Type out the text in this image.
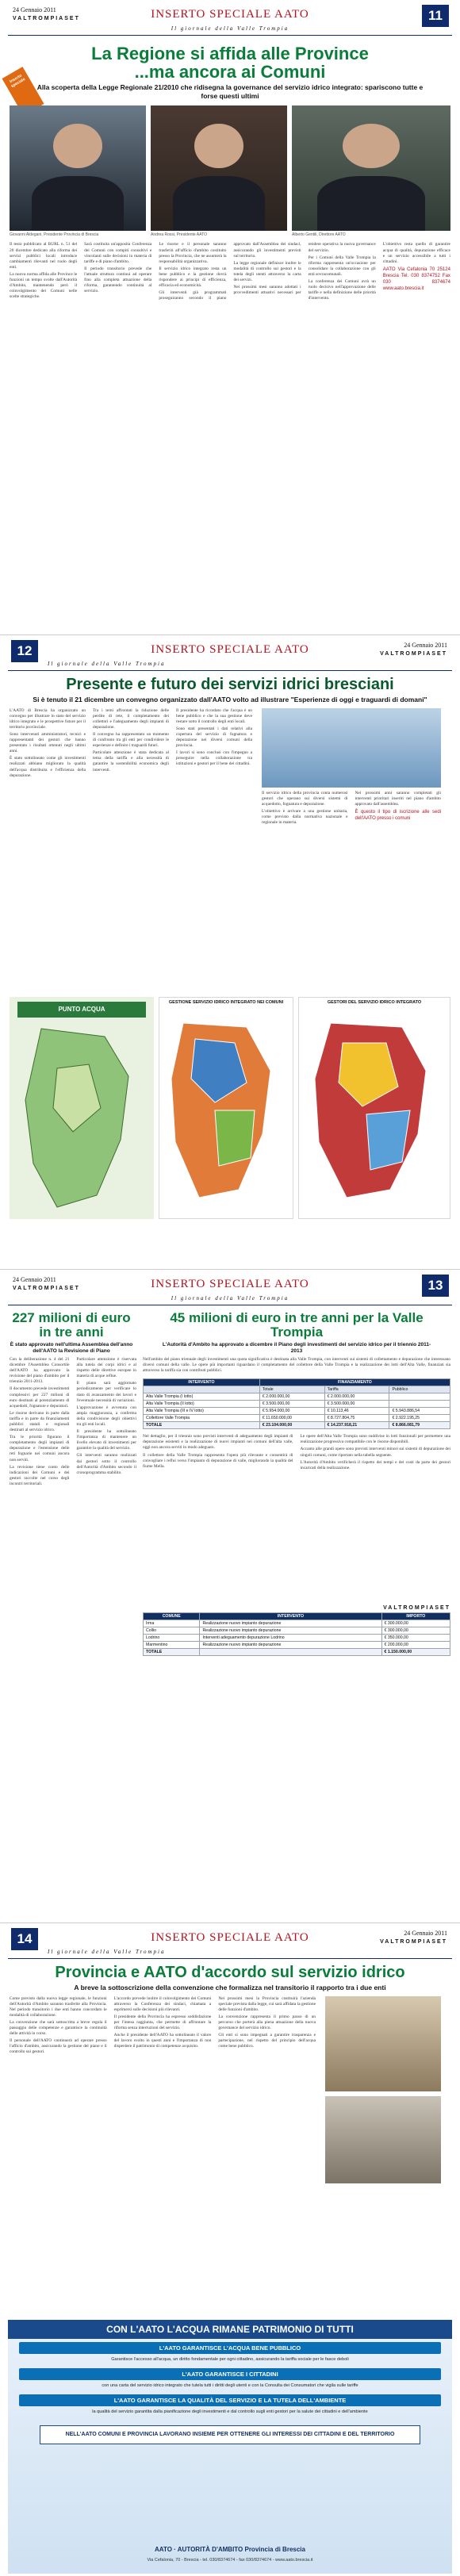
24 Gennaio 2011
VALTROMPIASET	INSERTO SPECIALE AATO
Il giornale della Valle Trompia
11
Inserto speciale
La Regione si affida alle Province
...ma ancora ai Comuni
Alla scoperta della Legge Regionale 21/2010 che ridisegna la governance del servizio idrico integrato: spariscono tutte e forse questi ultimi
Giovanni Aldegani, Presidente Provincia di Brescia	Andrea Rossi, Presidente AATO	Alberto Gentili, Direttore AATO

Il testo pubblicato al BURL n. 51 del 20 dicembre dedicato alla riforma dei servizi pubblici locali introduce cambiamenti rilevanti nel ruolo degli enti.

La nuova norma affida alle Province le funzioni un tempo svolte dall'Autorità d'Ambito, mantenendo però il coinvolgimento dei Comuni nelle scelte strategiche.

Sarà costituita un'apposita Conferenza dei Comuni con compiti consultivi e vincolanti sulle decisioni in materia di tariffe e di piano d'ambito.

Il periodo transitorio prevede che l'attuale struttura continui ad operare fino alla completa attuazione della riforma, garantendo continuità al servizio.

Le risorse e il personale saranno trasferiti all'ufficio d'ambito costituito presso la Provincia, che ne assumerà la responsabilità organizzativa.

Il servizio idrico integrato resta un bene pubblico e la gestione dovrà rispondere ai principi di efficienza, efficacia ed economicità.

Gli interventi già programmati proseguiranno secondo il piano approvato dall'Assemblea dei sindaci, assicurando gli investimenti previsti sul territorio.

La legge regionale definisce inoltre le modalità di controllo sui gestori e la tutela degli utenti attraverso la carta dei servizi.

Nei prossimi mesi saranno adottati i provvedimenti attuativi necessari per rendere operativa la nuova governance del servizio.

Per i Comuni della Valle Trompia la riforma rappresenta un'occasione per consolidare la collaborazione con gli enti sovracomunali.

La conferenza dei Comuni avrà un ruolo decisivo nell'approvazione delle tariffe e nella definizione delle priorità d'intervento.

L'obiettivo resta quello di garantire acqua di qualità, depurazione efficace e un servizio accessibile a tutti i cittadini.

AATO Via Cefalonia 70 25124 Brescia Tel. 030 8374752 Fax 030 8374674 www.aato.brescia.it

12	INSERTO SPECIALE AATO
Il giornale della Valle Trompia
24 Gennaio 2011
VALTROMPIASET
Presente e futuro dei servizi idrici bresciani
Si è tenuto il 21 dicembre un convegno organizzato dall'AATO volto ad illustrare "Esperienze di oggi e traguardi di domani"

L'AATO di Brescia ha organizzato un convegno per illustrare lo stato del servizio idrico integrato e le prospettive future per il territorio provinciale.

Sono intervenuti amministratori, tecnici e rappresentanti dei gestori che hanno presentato i risultati ottenuti negli ultimi anni.

È stato sottolineato come gli investimenti realizzati abbiano migliorato la qualità dell'acqua distribuita e l'efficienza della depurazione.

Tra i temi affrontati la riduzione delle perdite di rete, il completamento dei collettori e l'adeguamento degli impianti di depurazione.

Il convegno ha rappresentato un momento di confronto tra gli enti per condividere le esperienze e definire i traguardi futuri.

Particolare attenzione è stata dedicata al tema della tariffa e alla necessità di garantire la sostenibilità economica degli interventi.

Il presidente ha ricordato che l'acqua è un bene pubblico e che la sua gestione deve restare sotto il controllo degli enti locali.

Sono stati presentati i dati relativi alla copertura del servizio di fognatura e depurazione nei diversi comuni della provincia.

I lavori si sono conclusi con l'impegno a proseguire nella collaborazione tra istituzioni e gestori per il bene dei cittadini.

Il servizio idrico della provincia conta numerosi gestori che operano sui diversi sistemi di acquedotto, fognatura e depurazione.

L'obiettivo è arrivare a una gestione unitaria, come previsto dalla normativa nazionale e regionale in materia.

Nei prossimi anni saranno completati gli interventi prioritari inseriti nel piano d'ambito approvato dall'assemblea.

È questo il tipo di iscrizione alle sedi dell'AATO presso i comuni

PUNTO ACQUA
GESTIONE SERVIZIO IDRICO INTEGRATO NEI COMUNI	GESTORI DEL SERVIZIO IDRICO INTEGRATO
24 Gennaio 2011
VALTROMPIASET	INSERTO SPECIALE AATO
Il giornale della Valle Trompia
13
227 milioni di euro in tre anni
È stato approvato nell'ultima Assemblea dell'anno dell'AATO la Revisione di Piano

Con la deliberazione n. 4 del 21 dicembre l'Assemblea Consortile dell'AATO ha approvato la revisione del piano d'ambito per il triennio 2011-2013.

Il documento prevede investimenti complessivi per 227 milioni di euro destinati al potenziamento di acquedotti, fognature e depuratori.

Le risorse derivano in parte dalla tariffa e in parte da finanziamenti pubblici statali e regionali destinati al servizio idrico.

Tra le priorità figurano il completamento degli impianti di depurazione e l'estensione delle reti fognarie nei comuni ancora non serviti.

La revisione tiene conto delle indicazioni dei Comuni e dei gestori raccolte nel corso degli incontri territoriali.

Particolare attenzione è riservata alla tutela dei corpi idrici e al rispetto delle direttive europee in materia di acque reflue.

Il piano sarà aggiornato periodicamente per verificare lo stato di avanzamento dei lavori e l'eventuale necessità di variazioni.

L'approvazione è avvenuta con ampia maggioranza, a conferma della condivisione degli obiettivi tra gli enti locali.

Il presidente ha sottolineato l'importanza di mantenere un livello elevato di investimenti per garantire la qualità del servizio.

Gli interventi saranno realizzati dai gestori sotto il controllo dell'Autorità d'Ambito secondo il cronoprogramma stabilito.

45 milioni di euro in tre anni per la Valle Trompia
L'Autorità d'Ambito ha approvato a dicembre il Piano degli investimenti del servizio idrico per il triennio 2011-2013

Nell'ambito del piano triennale degli investimenti una quota significativa è destinata alla Valle Trompia, con interventi sui sistemi di collettamento e depurazione che interessano diversi comuni della valle. Le opere più importanti riguardano il completamento del collettore della Valle Trompia e la realizzazione dei lotti dell'Alta Valle, finanziati sia attraverso la tariffa sia con contributi pubblici.

INTERVENTO	FINANZIAMENTO		
	Totale	Tariffa	Pubblico
Alta Valle Trompia (I lotto)	€ 2.000.000,00	€ 2.000.000,00	
Alta Valle Trompia (II lotto)	€ 3.500.000,00	€ 3.500.000,00	
Alta Valle Trompia (III e IV lotto)	€ 5.954.000,00	€ 10.113,46	€ 5.943.886,54
Collettore Valle Trompia	€ 11.650.000,00	€ 8.727.804,75	€ 2.922.195,25
TOTALE	€ 23.104.000,00	€ 14.237.918,21	€ 8.866.081,79

Nel dettaglio, per il triennio sono previsti interventi di adeguamento degli impianti di depurazione esistenti e la realizzazione di nuovi impianti nei comuni dell'alta valle, oggi non ancora serviti in modo adeguato.

Il collettore della Valle Trompia rappresenta l'opera più rilevante e consentirà di convogliare i reflui verso l'impianto di depurazione di valle, migliorando la qualità del fiume Mella.

Le opere dell'Alta Valle Trompia sono suddivise in lotti funzionali per permettere una realizzazione progressiva compatibile con le risorse disponibili.

Accanto alle grandi opere sono previsti interventi minori sui sistemi di depurazione dei singoli comuni, come riportato nella tabella seguente.

L'Autorità d'Ambito verificherà il rispetto dei tempi e dei costi da parte dei gestori incaricati della realizzazione.

VALTROMPIASET
COMUNE	INTERVENTO	IMPORTO
Irma	Realizzazione nuovo impianto depurazione	€ 300.000,00
Collio	Realizzazione nuovo impianto depurazione	€ 300.000,00
Lodrino	Interventi adeguamento depurazione Lodrino	€ 350.000,00
Marmentino	Realizzazione nuovo impianto depurazione	€ 200.000,00
TOTALE		€ 1.150.000,00
14	INSERTO SPECIALE AATO
Il giornale della Valle Trompia
24 Gennaio 2011
VALTROMPIASET
Provincia e AATO d'accordo sul servizio idrico
A breve la sottoscrizione della convenzione che formalizza nel transitorio il rapporto tra i due enti

Come previsto dalla nuova legge regionale, le funzioni dell'Autorità d'Ambito saranno trasferite alla Provincia. Nel periodo transitorio i due enti hanno concordato le modalità di collaborazione.

La convenzione che sarà sottoscritta a breve regola il passaggio delle competenze e garantisce la continuità delle attività in corso.

Il personale dell'AATO continuerà ad operare presso l'ufficio d'ambito, assicurando la gestione del piano e il controllo sui gestori.

L'accordo prevede inoltre il coinvolgimento dei Comuni attraverso la Conferenza dei sindaci, chiamata a esprimersi sulle decisioni più rilevanti.

Il presidente della Provincia ha espresso soddisfazione per l'intesa raggiunta, che permette di affrontare la riforma senza interruzioni del servizio.

Anche il presidente dell'AATO ha sottolineato il valore del lavoro svolto in questi anni e l'importanza di non disperdere il patrimonio di competenze acquisito.

Nei prossimi mesi la Provincia costituirà l'azienda speciale prevista dalla legge, cui sarà affidata la gestione delle funzioni d'ambito.

La convenzione rappresenta il primo passo di un percorso che porterà alla piena attuazione della nuova governance del servizio idrico.

Gli enti si sono impegnati a garantire trasparenza e partecipazione, nel rispetto del principio dell'acqua come bene pubblico.

CON L'AATO L'ACQUA RIMANE PATRIMONIO DI TUTTI
L'AATO GARANTISCE L'ACQUA BENE PUBBLICO
Garantisce l'accesso all'acqua, un diritto fondamentale per ogni cittadino, assicurando la tariffa sociale per le fasce deboli
L'AATO GARANTISCE I CITTADINI
con una carta del servizio idrico integrato che tutela tutti i diritti degli utenti e con la Consulta dei Consumatori che vigila sulle tariffe
L'AATO GARANTISCE LA QUALITÀ DEL SERVIZIO E LA TUTELA DELL'AMBIENTE
la qualità del servizio garantita dalla pianificazione degli investimenti e dal controllo sugli enti gestori per la salute dei cittadini e dell'ambiente
NELL'AATO COMUNI E PROVINCIA LAVORANO INSIEME PER OTTENERE GLI INTERESSI DEI CITTADINI E DEL TERRITORIO
AATO · AUTORITÀ D'AMBITO Provincia di Brescia
Via Cefalonia, 70 - Brescia - tel. 030/8374674 - fax 030/8374674 - www.aato.brescia.it
